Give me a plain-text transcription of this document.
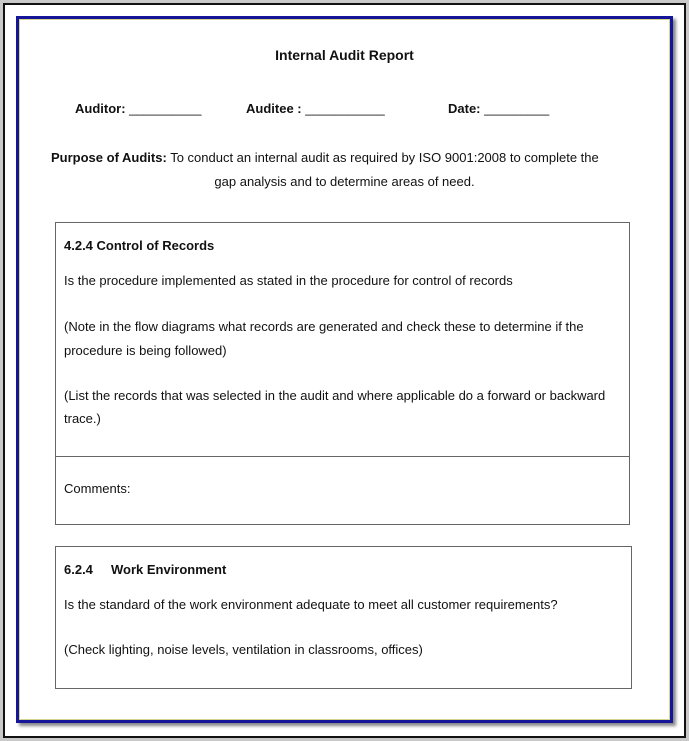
Internal Audit Report
Auditor: __________	Auditee : ___________	Date: _________
Purpose of Audits: To conduct an internal audit as required by ISO 9001:2008 to complete the
gap analysis and to determine areas of need.
4.2.4 Control of Records
Is the procedure implemented as stated in the procedure for control of records
(Note in the flow diagrams what records are generated and check these to determine if the
procedure is being followed)
(List the records that was selected in the audit and where applicable do a forward or backward
trace.)
Comments:
6.2.4     Work Environment
Is the standard of the work environment adequate to meet all customer requirements?
(Check lighting, noise levels, ventilation in classrooms, offices)
